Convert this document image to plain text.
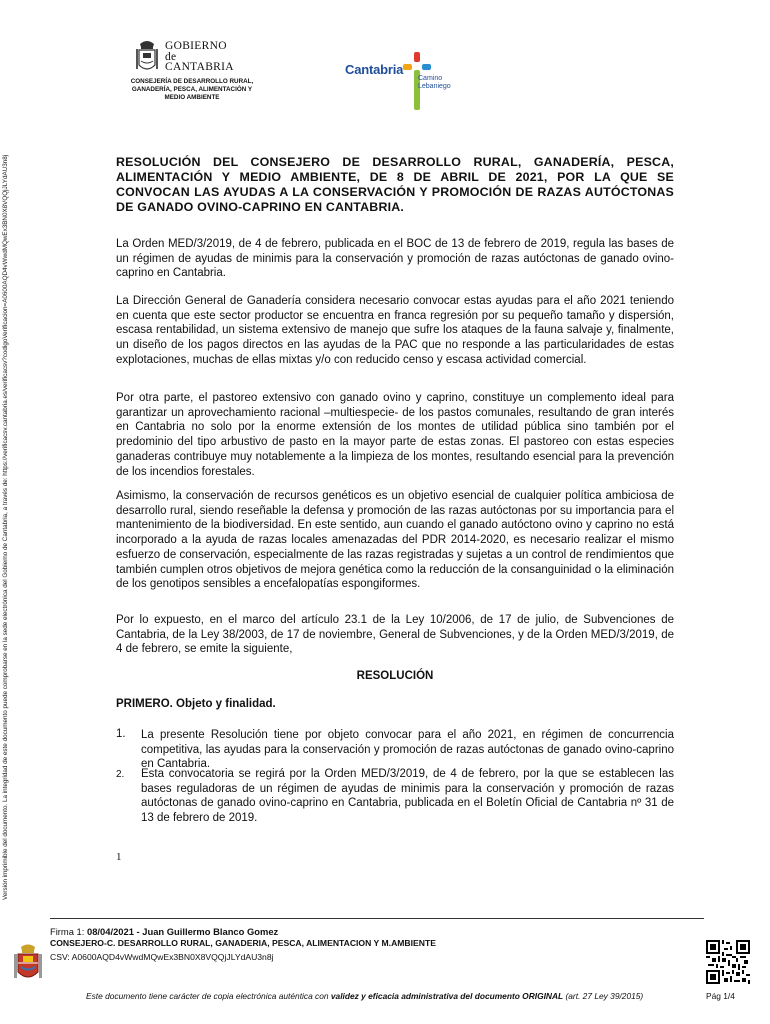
Versión imprimible del documento. La integridad de este documento puede comprobarse en la sede electrónica del Gobierno de Cantabria, a través de: https://verificacsv.cantabria.es/verificacsv?codigoVerificacion=A0600AQD4vWwdMQwEx3BN0X8VQQjJLYdAU3n8j
GOBIERNO
de
CANTABRIA
CONSEJERÍA DE DESARROLLO RURAL,
GANADERÍA, PESCA, ALIMENTACIÓN Y
MEDIO AMBIENTE
Cantabria
Camino
Lebaniego
RESOLUCIÓN DEL CONSEJERO DE DESARROLLO RURAL, GANADERÍA, PESCA, ALIMENTACIÓN Y MEDIO AMBIENTE, DE 8 DE ABRIL DE 2021, POR LA QUE SE CONVOCAN LAS AYUDAS A LA CONSERVACIÓN Y PROMOCIÓN DE RAZAS AUTÓCTONAS DE GANADO OVINO-CAPRINO EN CANTABRIA.

La Orden MED/3/2019, de 4 de febrero, publicada en el BOC de 13 de febrero de 2019, regula las bases de un régimen de ayudas de minimis para la conservación y promoción de razas autóctonas de ganado ovino-caprino en Cantabria.

La Dirección General de Ganadería considera necesario convocar estas ayudas para el año 2021 teniendo en cuenta que este sector productor se encuentra en franca regresión por su pequeño tamaño y dispersión, escasa rentabilidad, un sistema extensivo de manejo que sufre los ataques de la fauna salvaje y, finalmente, un diseño de los pagos directos en las ayudas de la PAC que no responde a las particularidades de estas explotaciones, muchas de ellas mixtas y/o con reducido censo y escasa actividad comercial.

Por otra parte, el pastoreo extensivo con ganado ovino y caprino, constituye un complemento ideal para garantizar un aprovechamiento racional –multiespecie- de los pastos comunales, resultando de gran interés en Cantabria no solo por la enorme extensión de los montes de utilidad pública sino también por el predominio del tipo arbustivo de pasto en la mayor parte de estas zonas. El pastoreo con estas especies ganaderas contribuye muy notablemente a la limpieza de los montes, resultando esencial para la prevención de los incendios forestales.

Asimismo, la conservación de recursos genéticos es un objetivo esencial de cualquier política ambiciosa de desarrollo rural, siendo reseñable la defensa y promoción de las razas autóctonas por su importancia para el mantenimiento de la biodiversidad. En este sentido, aun cuando el ganado autóctono ovino y caprino no está incorporado a la ayuda de razas locales amenazadas del PDR 2014-2020, es necesario realizar el mismo esfuerzo de conservación, especialmente de las razas registradas y sujetas a un control de rendimientos que también cumplen otros objetivos de mejora genética como la reducción de la consanguinidad o la eliminación de los genotipos sensibles a encefalopatías espongiformes.

Por lo expuesto, en el marco del artículo 23.1 de la Ley 10/2006, de 17 de julio, de Subvenciones de Cantabria, de la Ley 38/2003, de 17 de noviembre, General de Subvenciones, y de la Orden MED/3/2019, de 4 de febrero, se emite la siguiente,

RESOLUCIÓN
PRIMERO. Objeto y finalidad.
1. La presente Resolución tiene por objeto convocar para el año 2021, en régimen de concurrencia competitiva, las ayudas para la conservación y promoción de razas autóctonas de ganado ovino-caprino en Cantabria.

2. Esta convocatoria se regirá por la Orden MED/3/2019, de 4 de febrero, por la que se establecen las bases reguladoras de un régimen de ayudas de minimis para la conservación y promoción de razas autóctonas de ganado ovino-caprino en Cantabria, publicada en el Boletín Oficial de Cantabria nº 31 de 13 de febrero de 2019.

1
Firma 1: 08/04/2021 - Juan Guillermo Blanco Gomez
CONSEJERO-C. DESARROLLO RURAL, GANADERIA, PESCA, ALIMENTACION Y M.AMBIENTE
CSV: A0600AQD4vWwdMQwEx3BN0X8VQQjJLYdAU3n8j
Este documento tiene carácter de copia electrónica auténtica con validez y eficacia administrativa del documento ORIGINAL (art. 27 Ley 39/2015)	Pág 1/4
